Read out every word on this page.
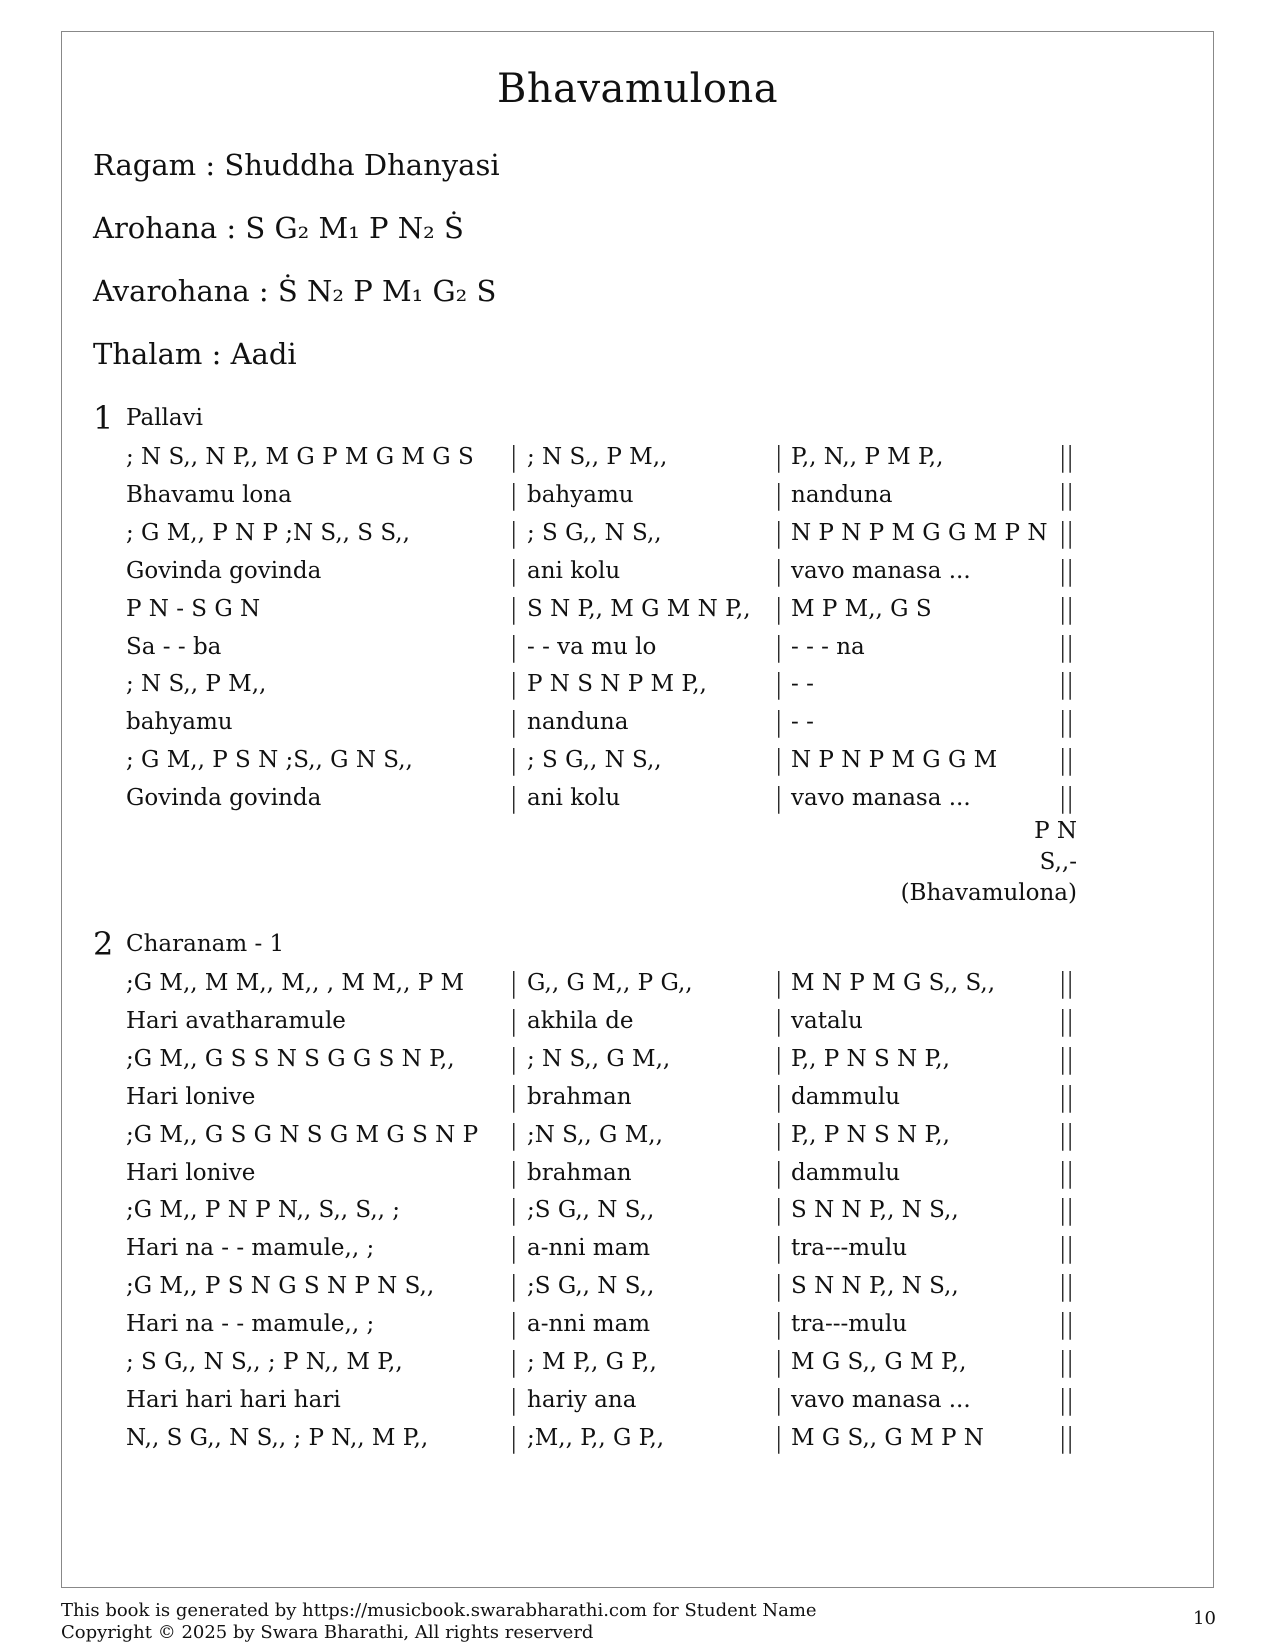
Bhavamulona
Ragam : Shuddha Dhanyasi
Arohana : S G₂ M₁ P N₂ Ṡ
Avarohana : Ṡ N₂ P M₁ G₂ S
Thalam : Aadi
1 Pallavi
; N S,, N P,, M G P M G M G S | ; N S,, P M,,	| P,, N,, P M P,,	||
Bhavamu lona	| bahyamu	| nanduna	||
; G M,, P N P ;N S,, S S,,	| ; S G,, N S,,	| N P N P M G G M P N ||
Govinda govinda	| ani kolu	| vavo manasa ...	||
P N - S G N	| S N P,, M G M N P,, | M P M,, G S	||
Sa - - ba	| - - va mu lo	| - - - na	||
; N S,, P M,,	| P N S N P M P,, | - -	||
bahyamu	| nanduna	| - -	||
; G M,, P S N ;S,, G N S,,	| ; S G,, N S,,	| N P N P M G G M ||
Govinda govinda	| ani kolu	| vavo manasa ...	||
P N
S,,-
(Bhavamulona)
2 Charanam - 1
;G M,, M M,, M,, , M M,, P M | G,, G M,, P G,,	| M N P M G S,, S,, ||
Hari avatharamule	| akhila de	| vatalu	||
;G M,, G S S N S G G S N P,, | ; N S,, G M,,	| P,, P N S N P,,	||
Hari lonive	| brahman	| dammulu	||
;G M,, G S G N S G M G S N P | ;N S,, G M,,	| P,, P N S N P,,	||
Hari lonive	| brahman	| dammulu	||
;G M,, P N P N,, S,, S,, ;	| ;S G,, N S,,	| S N N P,, N S,,	||
Hari na - - mamule,, ;	| a-nni mam	| tra---mulu	||
;G M,, P S N G S N P N S,,	| ;S G,, N S,,	| S N N P,, N S,,	||
Hari na - - mamule,, ;	| a-nni mam	| tra---mulu	||
; S G,, N S,, ; P N,, M P,,	| ; M P,, G P,,	| M G S,, G M P,,	||
Hari hari hari hari	| hariy ana	| vavo manasa ...	||
N,, S G,, N S,, ; P N,, M P,,	| ;M,, P,, G P,,	| M G S,, G M P N	||
This book is generated by https://musicbook.swarabharathi.com for Student Name
Copyright © 2025 by Swara Bharathi, All rights reserverd
10
